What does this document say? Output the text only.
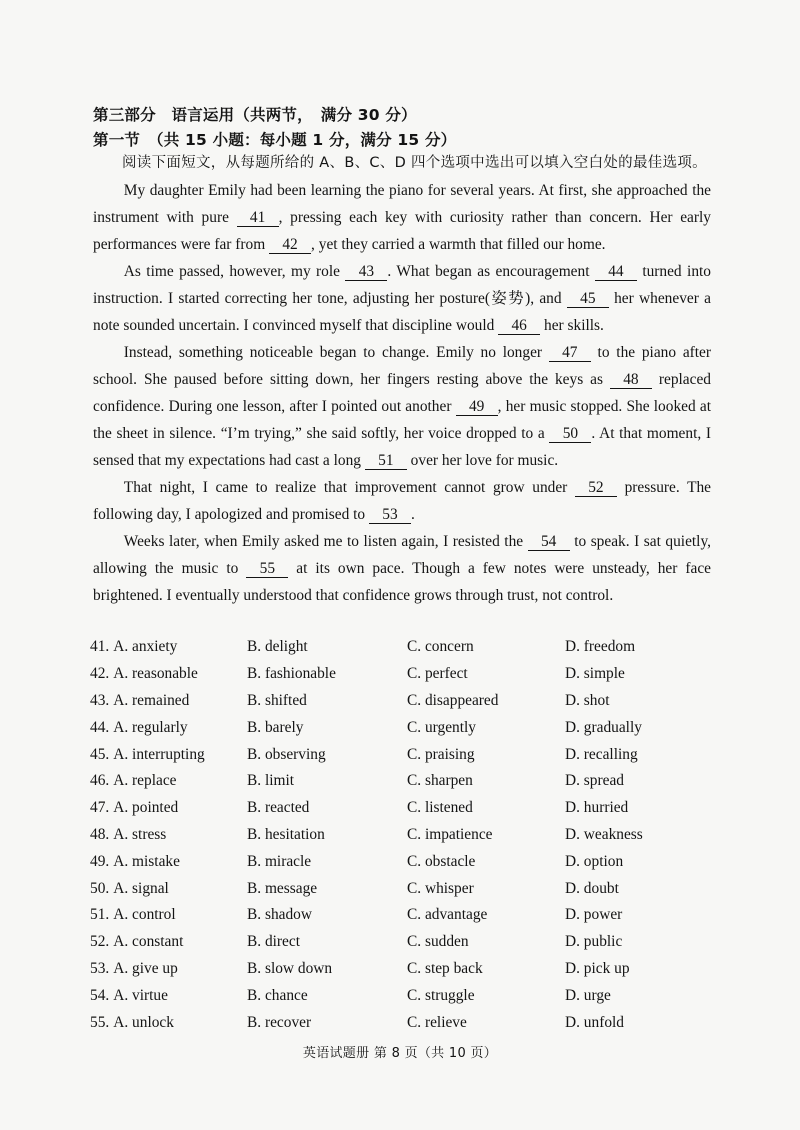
第三部分　语言运用（共两节，　满分 30 分）
第一节　（共 15 小题：每小题 1 分，满分 15 分）

阅读下面短文，从每题所给的 A、B、C、D 四个选项中选出可以填入空白处的最佳选项。

My daughter Emily had been learning the piano for several years. At first, she approached the instrument with pure 41 , pressing each key with curiosity rather than concern. Her early performances were far from 42 , yet they carried a warmth that filled our home.

As time passed, however, my role 43 . What began as encouragement 44 turned into instruction. I started correcting her tone, adjusting her posture(姿势), and 45 her whenever a note sounded uncertain. I convinced myself that discipline would 46 her skills.

Instead, something noticeable began to change. Emily no longer 47 to the piano after school. She paused before sitting down, her fingers resting above the keys as 48 replaced confidence. During one lesson, after I pointed out another 49 , her music stopped. She looked at the sheet in silence. “I’m trying,” she said softly, her voice dropped to a 50 . At that moment, I sensed that my expectations had cast a long 51 over her love for music.

That night, I came to realize that improvement cannot grow under 52 pressure. The following day, I apologized and promised to 53 .

Weeks later, when Emily asked me to listen again, I resisted the 54 to speak. I sat quietly, allowing the music to 55 at its own pace. Though a few notes were unsteady, her face brightened. I eventually understood that confidence grows through trust, not control.

41.A. anxiety	B. delight	C. concern	D. freedom
42.A. reasonable	B. fashionable	C. perfect	D. simple
43.A. remained	B. shifted	C. disappeared	D. shot
44.A. regularly	B. barely	C. urgently	D. gradually
45.A. interrupting	B. observing	C. praising	D. recalling
46.A. replace	B. limit	C. sharpen	D. spread
47.A. pointed	B. reacted	C. listened	D. hurried
48.A. stress	B. hesitation	C. impatience	D. weakness
49.A. mistake	B. miracle	C. obstacle	D. option
50.A. signal	B. message	C. whisper	D. doubt
51.A. control	B. shadow	C. advantage	D. power
52.A. constant	B. direct	C. sudden	D. public
53.A. give up	B. slow down	C. step back	D. pick up
54.A. virtue	B. chance	C. struggle	D. urge
55.A. unlock	B. recover	C. relieve	D. unfold
英语试题册 第 8 页（共 10 页）
